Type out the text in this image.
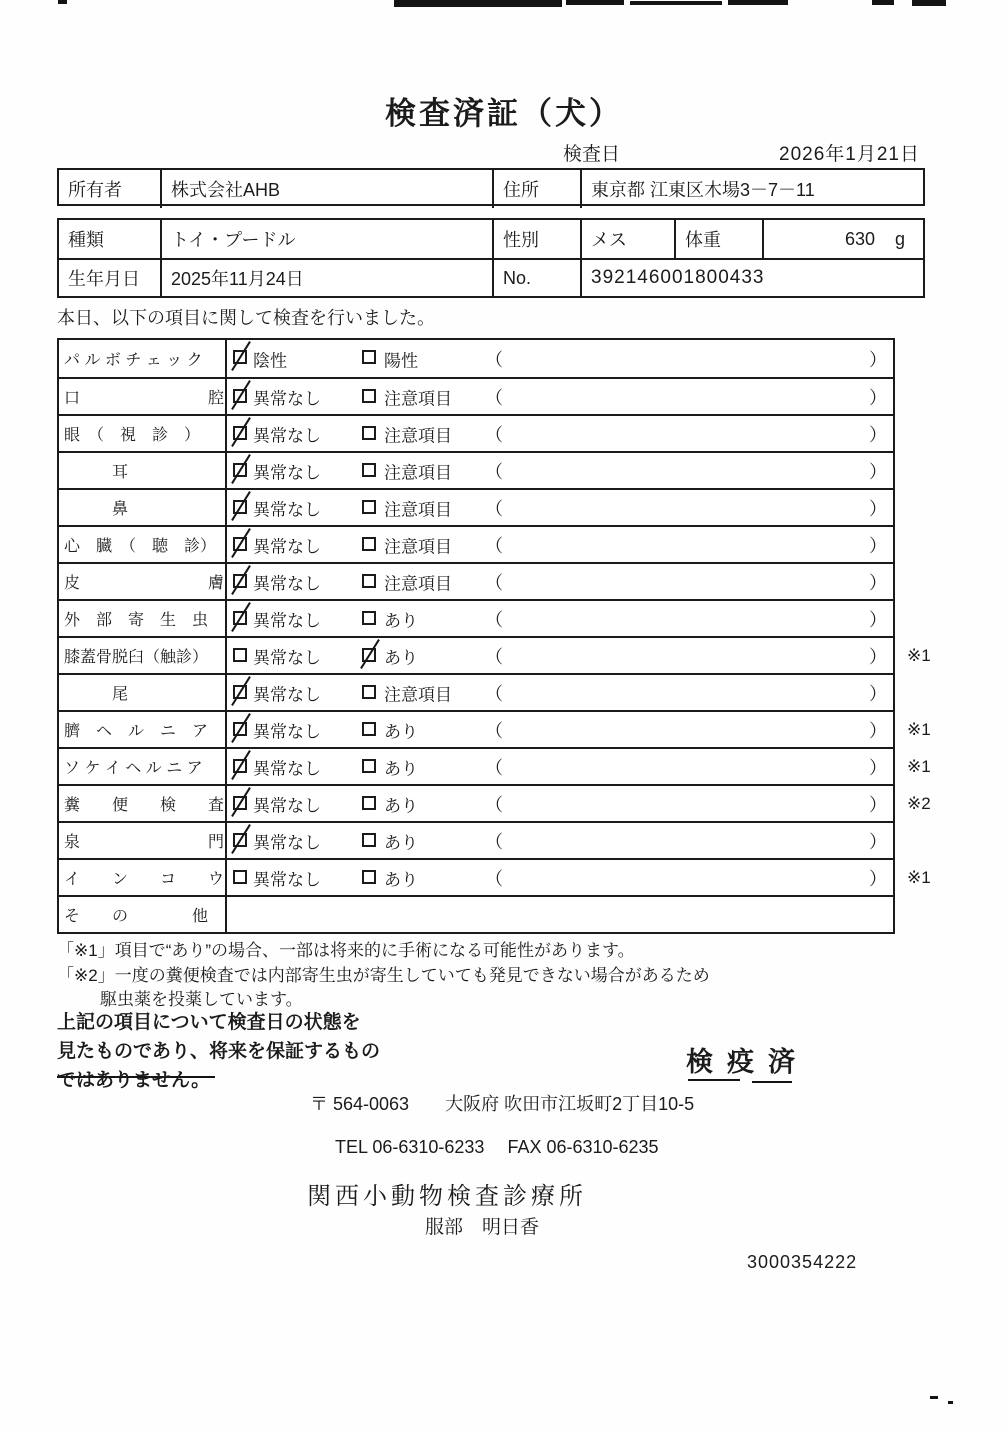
検査済証（犬）
検査日	2026年1月21日
所有者	株式会社AHB	住所	東京都 江東区木場3－7－11
種類	トイ・プードル	性別	メス	体重	630 g
生年月日	2025年11月24日	No.	392146001800433
本日、以下の項目に関して検査を行いました。
パ ル ボ チ ェ ッ ク	陰性	陽性	（	）
口　　　　　　　　腔 異常なし	注意項目 （	）
眼　（　視　診　）	異常なし	注意項目 （	）
　　　耳	異常なし	注意項目 （	）
　　　鼻	異常なし	注意項目 （	）
心　臓　（　聴　診）	異常なし	注意項目 （	）
皮　　　　　　　　膚 異常なし	注意項目 （	）
外　部　寄　生　虫	異常なし	あり	（	）
膝蓋骨脱臼（触診）	異常なし	あり	（	） ※1
　　　尾	異常なし	注意項目 （	）
臍　ヘ　ル　ニ　ア	異常なし	あり	（	） ※1
ソ ケ イ ヘ ル ニ ア	異常なし	あり	（	） ※1
糞　　便　　検　　査 異常なし	あり	（	） ※2
泉　　　　　　　　門 異常なし	あり	（	）
イ　　ン　　コ　　ウ 異常なし	あり	（	） ※1
そ　　の　　　　他
「※1」項目で“あり”の場合、一部は将来的に手術になる可能性があります。
「※2」一度の糞便検査では内部寄生虫が寄生していても発見できない場合があるため
駆虫薬を投薬しています。
上記の項目について検査日の状態を
見たものであり、将来を保証するもの
ではありません。
検疫済
〒 564-0063　　大阪府 吹田市江坂町2丁目10-5
TEL 06-6310-6233　 FAX 06-6310-6235
関西小動物検査診療所
服部　明日香
3000354222
